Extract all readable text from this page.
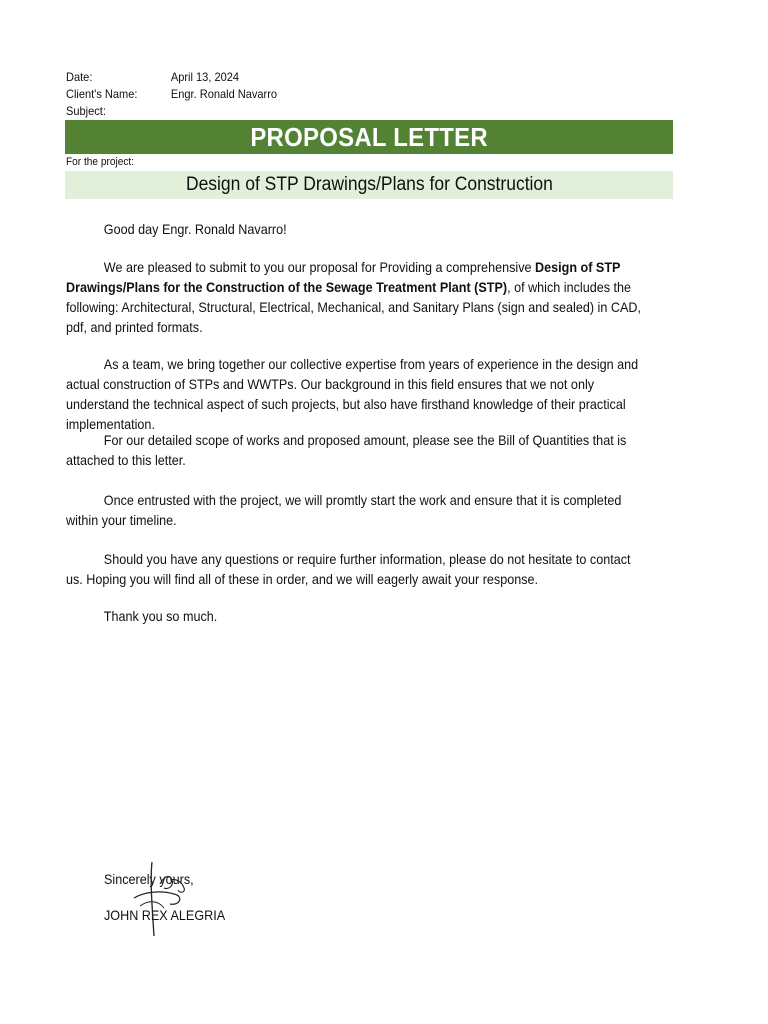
Date:	April 13, 2024
Client's Name:	Engr. Ronald Navarro
Subject:
PROPOSAL LETTER
For the project:
Design of STP Drawings/Plans for Construction
Good day Engr. Ronald Navarro!
We are pleased to submit to you our proposal for Providing a comprehensive Design of STP Drawings/Plans for the Construction of the Sewage Treatment Plant (STP), of which includes the following: Architectural, Structural, Electrical, Mechanical, and Sanitary Plans (sign and sealed) in CAD, pdf, and printed formats.
As a team, we bring together our collective expertise from years of experience in the design and actual construction of STPs and WWTPs. Our background in this field ensures that we not only understand the technical aspect of such projects, but also have firsthand knowledge of their practical implementation.
For our detailed scope of works and proposed amount, please see the Bill of Quantities that is attached to this letter.
Once entrusted with the project, we will promtly start the work and ensure that it is completed within your timeline.
Should you have any questions or require further information, please do not hesitate to contact us. Hoping you will find all of these in order, and we will eagerly await your response.
Thank you so much.
Sincerely yours,
JOHN REX ALEGRIA
